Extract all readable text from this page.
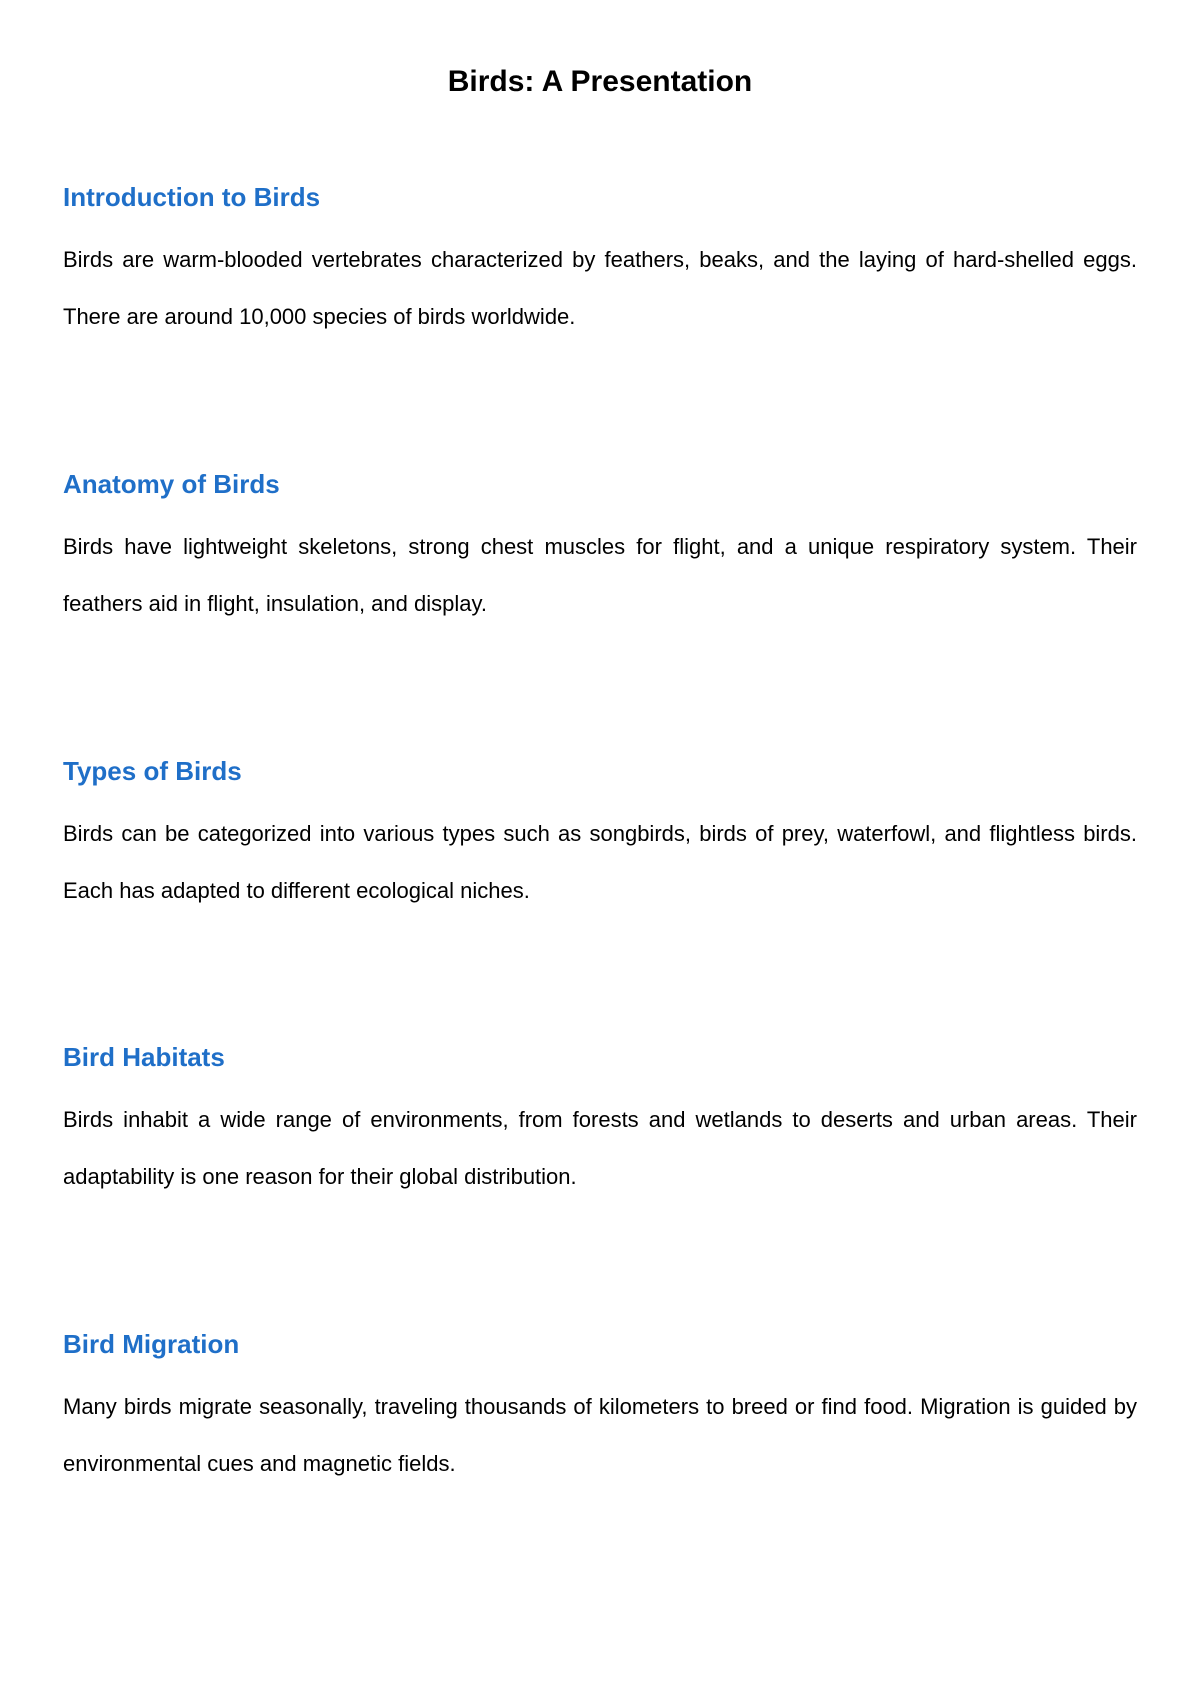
Birds: A Presentation
Introduction to Birds

Birds are warm-blooded vertebrates characterized by feathers, beaks, and the laying of hard-shelled eggs. There are around 10,000 species of birds worldwide.

Anatomy of Birds

Birds have lightweight skeletons, strong chest muscles for flight, and a unique respiratory system. Their feathers aid in flight, insulation, and display.

Types of Birds

Birds can be categorized into various types such as songbirds, birds of prey, waterfowl, and flightless birds. Each has adapted to different ecological niches.

Bird Habitats

Birds inhabit a wide range of environments, from forests and wetlands to deserts and urban areas. Their adaptability is one reason for their global distribution.

Bird Migration

Many birds migrate seasonally, traveling thousands of kilometers to breed or find food. Migration is guided by environmental cues and magnetic fields.
